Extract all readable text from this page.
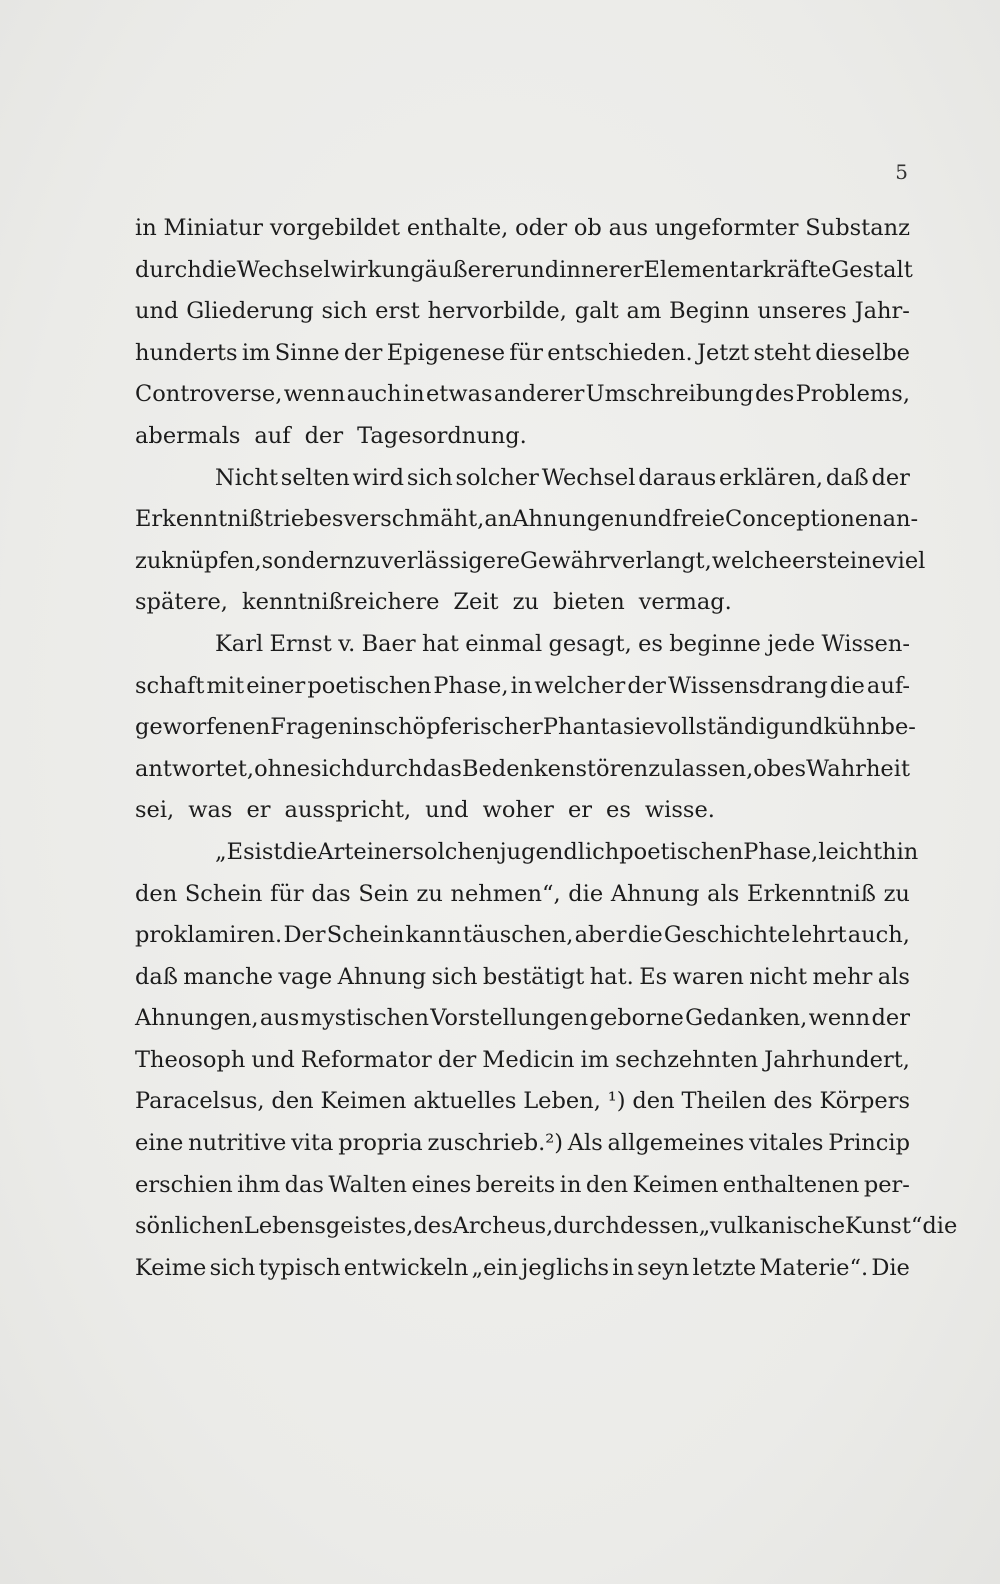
5
in Miniatur vorgebildet enthalte, oder ob aus ungeformter Substanz
durch die Wechselwirkung äußerer und innerer Elementarkräfte Gestalt
und Gliederung sich erst hervorbilde, galt am Beginn unseres Jahr-
hunderts im Sinne der Epigenese für entschieden. Jetzt steht dieselbe
Controverse, wenn auch in etwas anderer Umschreibung des Problems,
abermals auf der Tagesordnung.
Nicht selten wird sich solcher Wechsel daraus erklären, daß der
Erkenntnißtrieb es verschmäht, an Ahnungen und freie Conceptionen an-
zuknüpfen, sondern zuverlässigere Gewähr verlangt, welche erst eine viel
spätere, kenntnißreichere Zeit zu bieten vermag.
Karl Ernst v. Baer hat einmal gesagt, es beginne jede Wissen-
schaft mit einer poetischen Phase, in welcher der Wissensdrang die auf-
geworfenen Fragen in schöpferischer Phantasie vollständig und kühn be-
antwortet, ohne sich durch das Bedenken stören zu lassen, ob es Wahrheit
sei, was er ausspricht, und woher er es wisse.
„Es ist die Art einer solchen jugendlich poetischen Phase, leichthin
den Schein für das Sein zu nehmen“, die Ahnung als Erkenntniß zu
proklamiren. Der Schein kann täuschen, aber die Geschichte lehrt auch,
daß manche vage Ahnung sich bestätigt hat. Es waren nicht mehr als
Ahnungen, aus mystischen Vorstellungen geborne Gedanken, wenn der
Theosoph und Reformator der Medicin im sechzehnten Jahrhundert,
Paracelsus, den Keimen aktuelles Leben, ¹) den Theilen des Körpers
eine nutritive vita propria zuschrieb.²) Als allgemeines vitales Princip
erschien ihm das Walten eines bereits in den Keimen enthaltenen per-
sönlichen Lebensgeistes, des Archeus, durch dessen „vulkanische Kunst“ die
Keime sich typisch entwickeln „ein jeglichs in seyn letzte Materie“. Die
